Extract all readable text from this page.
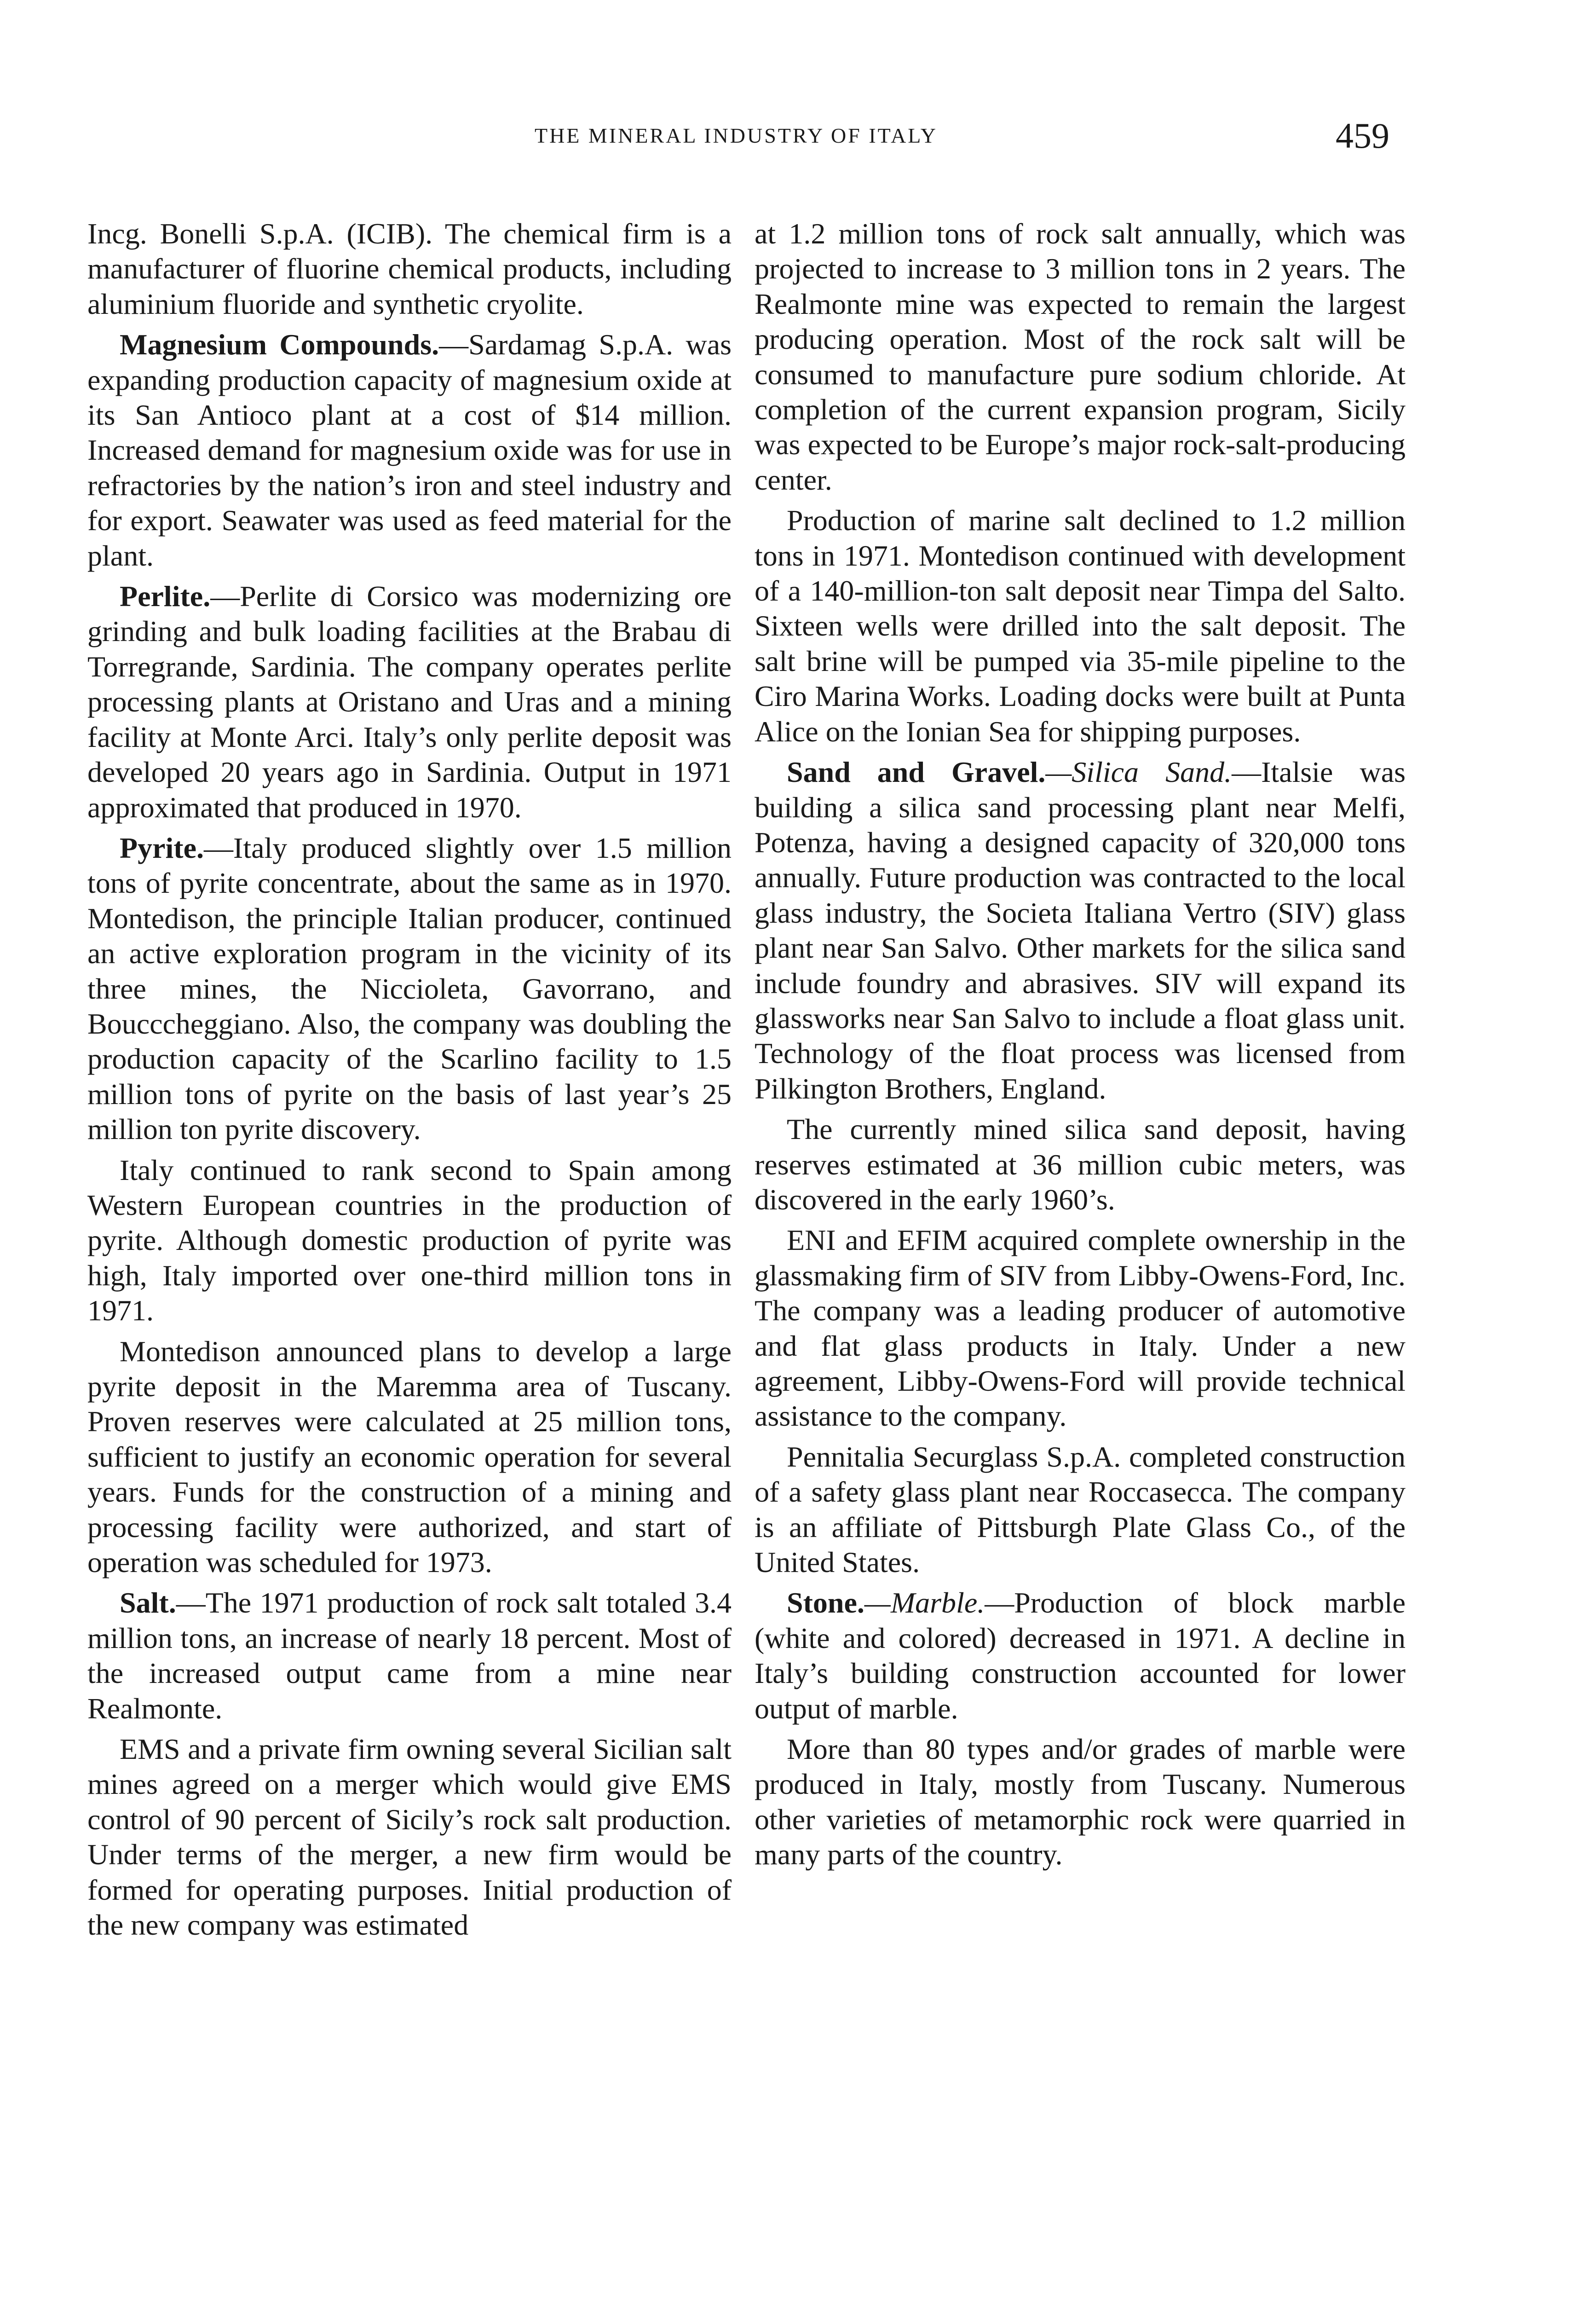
THE MINERAL INDUSTRY OF ITALY	459

Incg. Bonelli S.p.A. (ICIB). The chemical firm is a manufacturer of fluorine chemical products, including aluminium fluoride and synthetic cryolite.

Magnesium Compounds.—Sardamag S.p.A. was expanding production capacity of magnesium oxide at its San Antioco plant at a cost of $14 million. Increased demand for magnesium oxide was for use in refractories by the nation’s iron and steel industry and for export. Seawater was used as feed material for the plant.

Perlite.—Perlite di Corsico was modernizing ore grinding and bulk loading facilities at the Brabau di Torregrande, Sardinia. The company operates perlite processing plants at Oristano and Uras and a mining facility at Monte Arci. Italy’s only perlite deposit was developed 20 years ago in Sardinia. Output in 1971 approximated that produced in 1970.

Pyrite.—Italy produced slightly over 1.5 million tons of pyrite concentrate, about the same as in 1970. Montedison, the principle Italian producer, continued an active exploration program in the vicinity of its three mines, the Niccioleta, Gavorrano, and Boucccheggiano. Also, the company was doubling the production capacity of the Scarlino facility to 1.5 million tons of pyrite on the basis of last year’s 25 million ton pyrite discovery.

Italy continued to rank second to Spain among Western European countries in the production of pyrite. Although domestic production of pyrite was high, Italy imported over one-third million tons in 1971.

Montedison announced plans to develop a large pyrite deposit in the Maremma area of Tuscany. Proven reserves were calculated at 25 million tons, sufficient to justify an economic operation for several years. Funds for the construction of a mining and processing facility were authorized, and start of operation was scheduled for 1973.

Salt.—The 1971 production of rock salt totaled 3.4 million tons, an increase of nearly 18 percent. Most of the increased output came from a mine near Realmonte.

EMS and a private firm owning several Sicilian salt mines agreed on a merger which would give EMS control of 90 percent of Sicily’s rock salt production. Under terms of the merger, a new firm would be formed for operating purposes. Initial production of the new company was estimated

at 1.2 million tons of rock salt annually, which was projected to increase to 3 million tons in 2 years. The Realmonte mine was expected to remain the largest producing operation. Most of the rock salt will be consumed to manufacture pure sodium chloride. At completion of the current expansion program, Sicily was expected to be Europe’s major rock-salt-producing center.

Production of marine salt declined to 1.2 million tons in 1971. Montedison continued with development of a 140-million-ton salt deposit near Timpa del Salto. Sixteen wells were drilled into the salt deposit. The salt brine will be pumped via 35-mile pipeline to the Ciro Marina Works. Loading docks were built at Punta Alice on the Ionian Sea for shipping purposes.

Sand and Gravel.—Silica Sand.—Italsie was building a silica sand processing plant near Melfi, Potenza, having a designed capacity of 320,000 tons annually. Future production was contracted to the local glass industry, the Societa Italiana Vertro (SIV) glass plant near San Salvo. Other markets for the silica sand include foundry and abrasives. SIV will expand its glassworks near San Salvo to include a float glass unit. Technology of the float process was licensed from Pilkington Brothers, England.

The currently mined silica sand deposit, having reserves estimated at 36 million cubic meters, was discovered in the early 1960’s.

ENI and EFIM acquired complete ownership in the glassmaking firm of SIV from Libby-Owens-Ford, Inc. The company was a leading producer of automotive and flat glass products in Italy. Under a new agreement, Libby-Owens-Ford will provide technical assistance to the company.

Pennitalia Securglass S.p.A. completed construction of a safety glass plant near Roccasecca. The company is an affiliate of Pittsburgh Plate Glass Co., of the United States.

Stone.—Marble.—Production of block marble (white and colored) decreased in 1971. A decline in Italy’s building construction accounted for lower output of marble.

More than 80 types and/or grades of marble were produced in Italy, mostly from Tuscany. Numerous other varieties of metamorphic rock were quarried in many parts of the country.
